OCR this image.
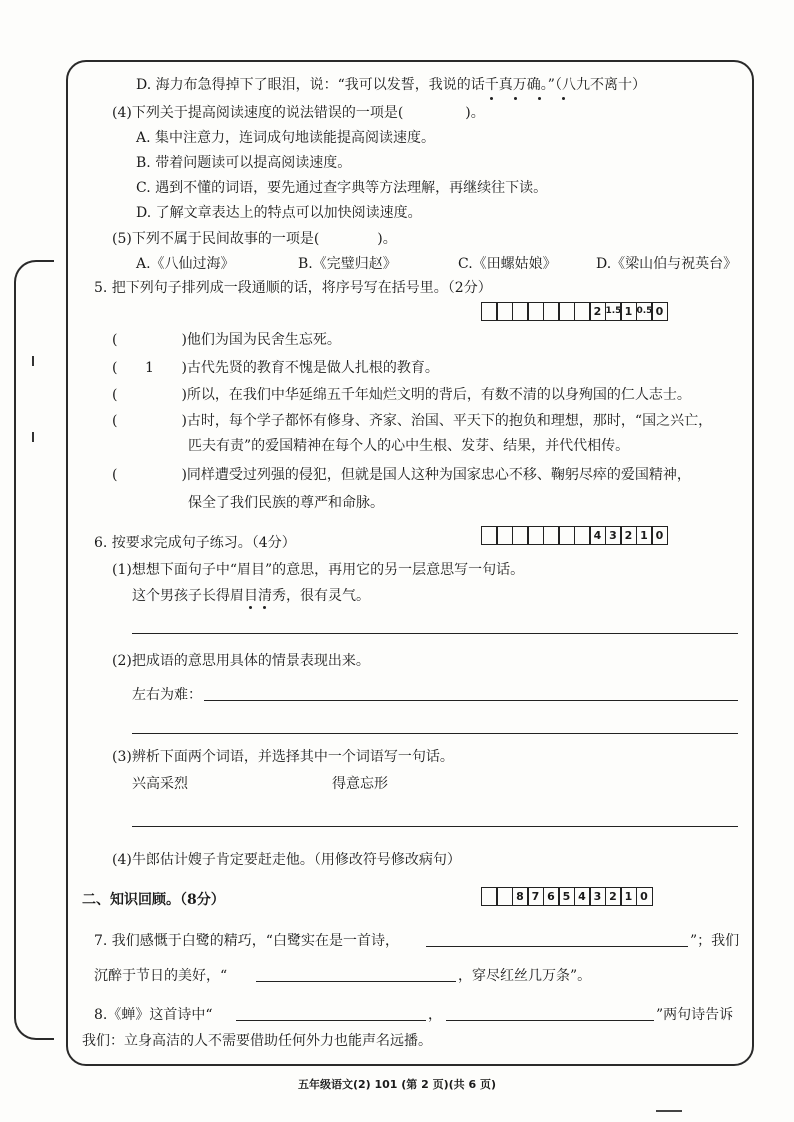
D. 海力布急得掉下了眼泪，说：“我可以发誓，我说的话千真万确。”（八九不离十）
(4)下列关于提高阅读速度的说法错误的一项是(	)。
A. 集中注意力，连词成句地读能提高阅读速度。
B. 带着问题读可以提高阅读速度。
C. 遇到不懂的词语，要先通过查字典等方法理解，再继续往下读。
D. 了解文章表达上的特点可以加快阅读速度。
(5)下列不属于民间故事的一项是(	)。
A.《八仙过海》	B.《完璧归赵》	C.《田螺姑娘》	D.《梁山伯与祝英台》
5. 把下列句子排列成一段通顺的话，将序号写在括号里。（2分）
2 1.5 1 0.5 0
(	)他们为国为民舍生忘死。
( 1 )古代先贤的教育不愧是做人扎根的教育。
(	)所以，在我们中华延绵五千年灿烂文明的背后，有数不清的以身殉国的仁人志士。
(	)古时，每个学子都怀有修身、齐家、治国、平天下的抱负和理想，那时，“国之兴亡，
匹夫有责”的爱国精神在每个人的心中生根、发芽、结果，并代代相传。
(	)同样遭受过列强的侵犯，但就是国人这种为国家忠心不移、鞠躬尽瘁的爱国精神，
保全了我们民族的尊严和命脉。
6. 按要求完成句子练习。（4分）	4 3 2 1 0
(1)想想下面句子中“眉目”的意思，再用它的另一层意思写一句话。
这个男孩子长得眉目清秀，很有灵气。
(2)把成语的意思用具体的情景表现出来。
左右为难：
(3)辨析下面两个词语，并选择其中一个词语写一句话。
兴高采烈	得意忘形
(4)牛郎估计嫂子肯定要赶走他。（用修改符号修改病句）
二、知识回顾。（8分）	8 7 6 5 4 3 2 1 0
7. 我们感慨于白鹭的精巧，“白鹭实在是一首诗，	”；我们
沉醉于节日的美好，“	，穿尽红丝几万条”。
8.《蝉》这首诗中“	，	”两句诗告诉
我们：立身高洁的人不需要借助任何外力也能声名远播。
五年级语文(2) 101 (第 2 页)(共 6 页)
